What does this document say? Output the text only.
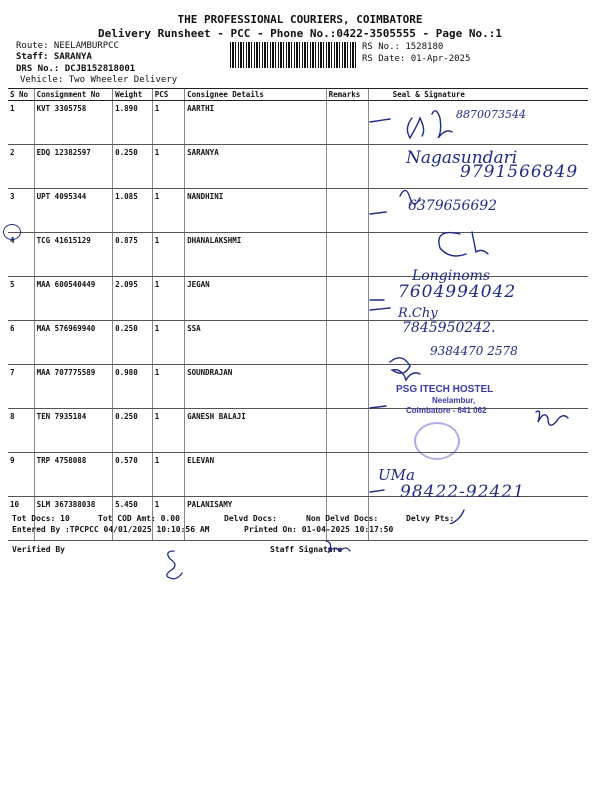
THE PROFESSIONAL COURIERS, COIMBATORE
Delivery Runsheet - PCC - Phone No.:0422-3505555 - Page No.:1
Route: NEELAMBURPCC
Staff: SARANYA
DRS No.: DCJB152818001
Vehicle: Two Wheeler Delivery
RS No.: 1528180
RS Date: 01-Apr-2025
S No	Consignment No	Weight	PCS	Consignee Details	Remarks	Seal & Signature
1	KVT 3305758	1.890	1	AARTHI		
2	EDQ 12382597	0.250	1	SARANYA		
3	UPT 4095344	1.085	1	NANDHINI		
4	TCG 41615129	0.875	1	DHANALAKSHMI		
5	MAA 600540449	2.095	1	JEGAN		
6	MAA 576969940	0.250	1	SSA		
7	MAA 707775589	0.980	1	SOUNDRAJAN		
8	TEN 7935184	0.250	1	GANESH BALAJI		
9	TRP 4758088	0.570	1	ELEVAN		
10	SLM 367388038	5.450	1	PALANISAMY		
8870073544
Nagasundari
9791566849
6379656692
Longinoms
7604994042
R.Chy
7845950242.
9384470 2578
UMa
98422-92421
PSG ITECH HOSTEL
Neelambur,
Coimbatore - 641 062
Tot Docs: 10	Tot COD Amt: 0.00	Delvd Docs:	Non Delvd Docs:	Delvy Pts:
Entered By :TPCPCC 04/01/2025 10:10:56 AM	Printed On: 01-04-2025 10:17:50
Verified By	Staff Signature
